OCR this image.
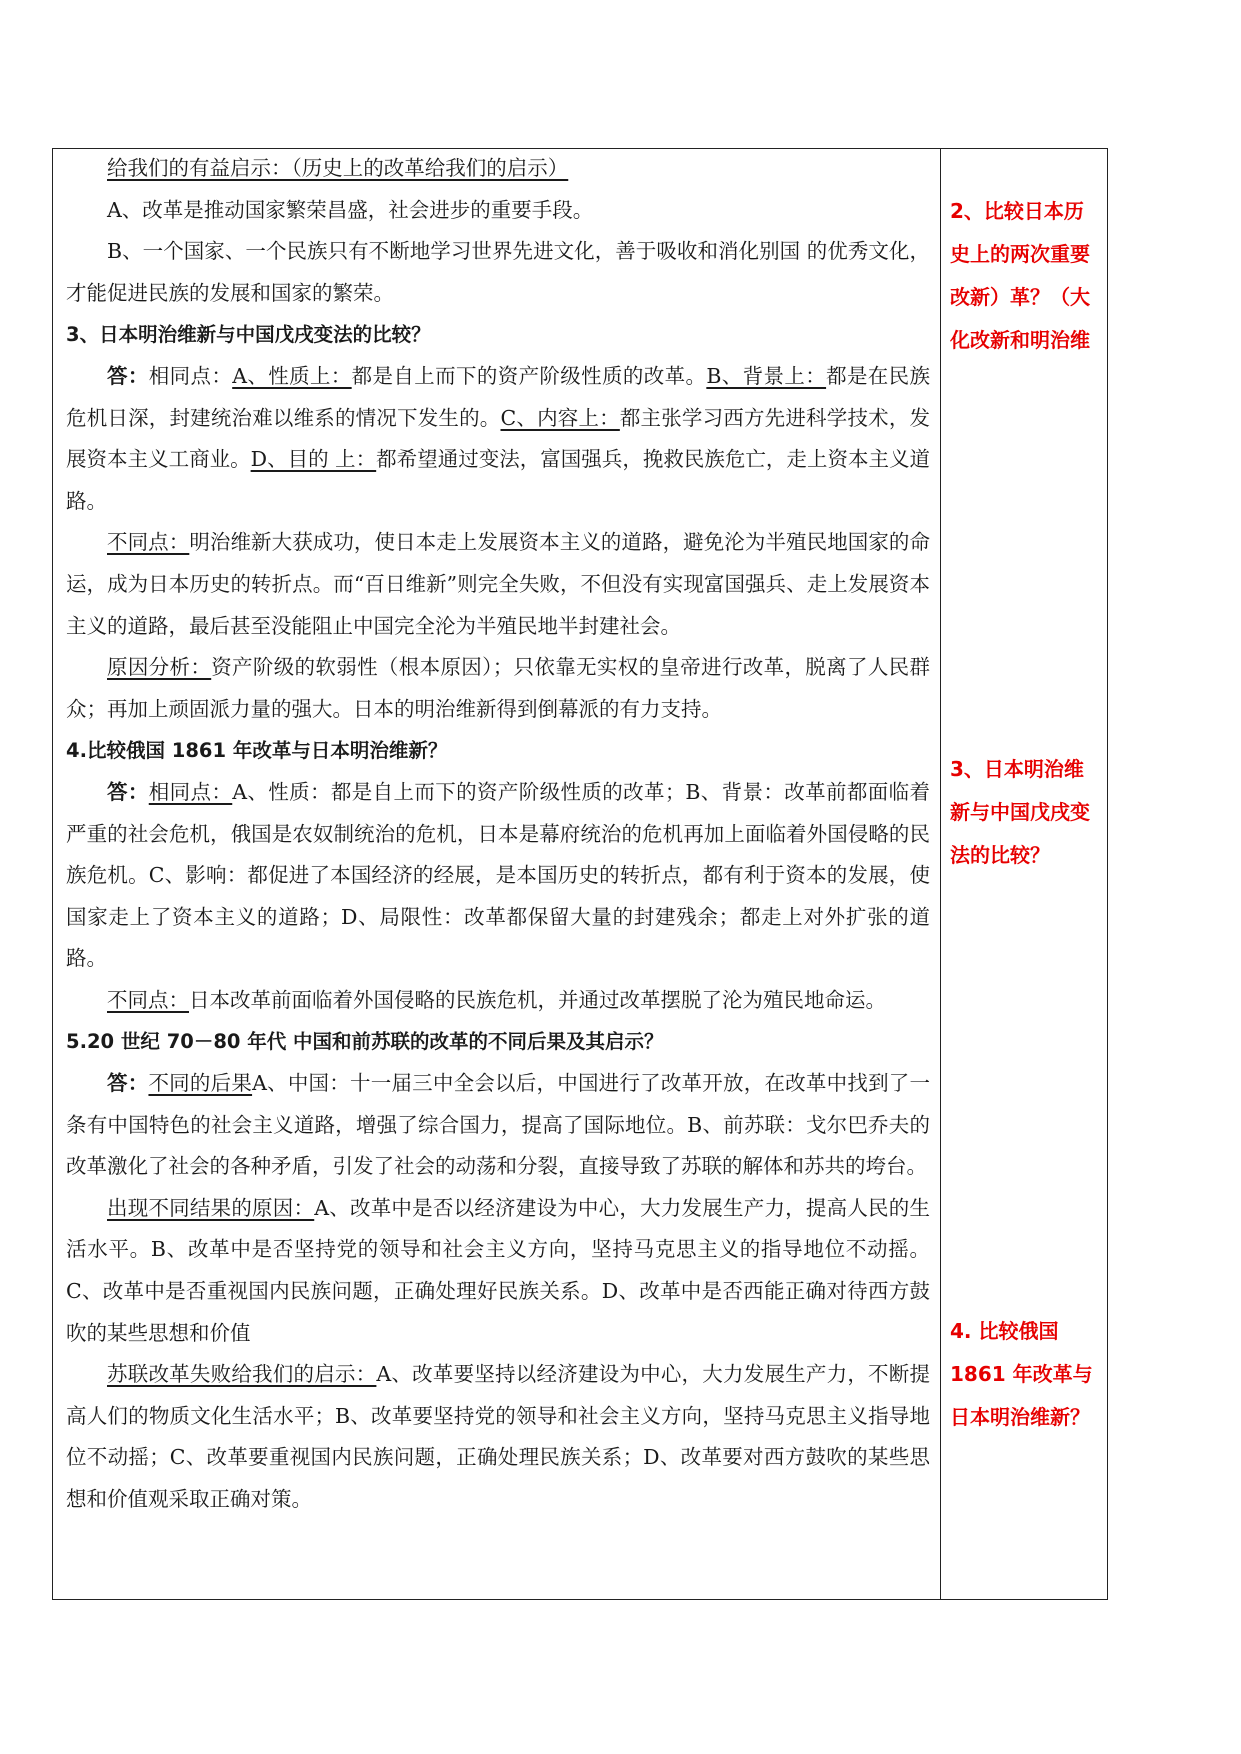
给我们的有益启示：（历史上的改革给我们的启示）

A、改革是推动国家繁荣昌盛，社会进步的重要手段。

B、一个国家、一个民族只有不断地学习世界先进文化，善于吸收和消化别国 的优秀文化，才能促进民族的发展和国家的繁荣。

3、日本明治维新与中国戊戌变法的比较？

答：相同点：A、性质上：都是自上而下的资产阶级性质的改革。B、背景上：都是在民族危机日深，封建统治难以维系的情况下发生的。C、内容上：都主张学习西方先进科学技术，发展资本主义工商业。D、目的 上：都希望通过变法，富国强兵，挽救民族危亡，走上资本主义道路。

不同点：明治维新大获成功，使日本走上发展资本主义的道路，避免沦为半殖民地国家的命运，成为日本历史的转折点。而“百日维新”则完全失败，不但没有实现富国强兵、走上发展资本主义的道路，最后甚至没能阻止中国完全沦为半殖民地半封建社会。

原因分析：资产阶级的软弱性（根本原因）；只依靠无实权的皇帝进行改革，脱离了人民群众；再加上顽固派力量的强大。日本的明治维新得到倒幕派的有力支持。

4.比较俄国 1861 年改革与日本明治维新？

答：相同点：A、性质：都是自上而下的资产阶级性质的改革；B、背景：改革前都面临着严重的社会危机，俄国是农奴制统治的危机，日本是幕府统治的危机再加上面临着外国侵略的民族危机。C、影响：都促进了本国经济的经展，是本国历史的转折点，都有利于资本的发展，使国家走上了资本主义的道路；D、局限性：改革都保留大量的封建残余；都走上对外扩张的道路。

不同点：日本改革前面临着外国侵略的民族危机，并通过改革摆脱了沦为殖民地命运。

5.20 世纪 70－80 年代 中国和前苏联的改革的不同后果及其启示？

答：不同的后果A、中国：十一届三中全会以后，中国进行了改革开放，在改革中找到了一条有中国特色的社会主义道路，增强了综合国力，提高了国际地位。B、前苏联：戈尔巴乔夫的改革激化了社会的各种矛盾，引发了社会的动荡和分裂，直接导致了苏联的解体和苏共的垮台。

出现不同结果的原因：A、改革中是否以经济建设为中心，大力发展生产力，提高人民的生活水平。B、改革中是否坚持党的领导和社会主义方向，坚持马克思主义的指导地位不动摇。C、改革中是否重视国内民族问题，正确处理好民族关系。D、改革中是否西能正确对待西方鼓吹的某些思想和价值

苏联改革失败给我们的启示：A、改革要坚持以经济建设为中心，大力发展生产力，不断提高人们的物质文化生活水平；B、改革要坚持党的领导和社会主义方向，坚持马克思主义指导地位不动摇；C、改革要重视国内民族问题，正确处理民族关系；D、改革要对西方鼓吹的某些思想和价值观采取正确对策。

2、比较日本历史上的两次重要改新）革？（大化改新和明治维
3、日本明治维新与中国戊戌变法的比较？
4. 比较俄国 1861 年改革与日本明治维新？
